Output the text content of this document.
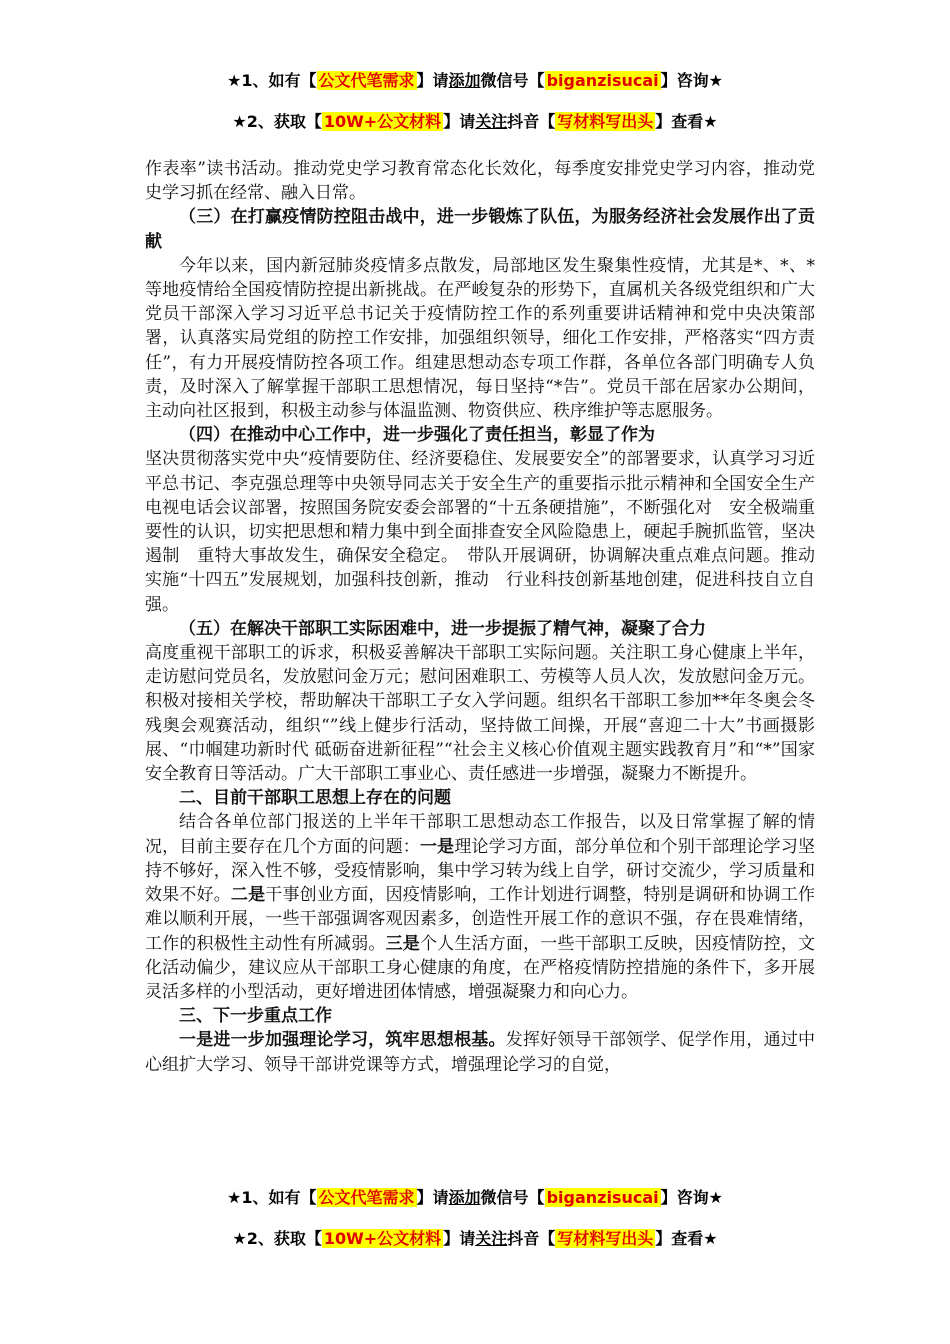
★1、如有【 公文代笔需求 】请添加微信号【 biganzisucai 】咨询★
★2、获取【 10W+公文材料 】请关注抖音【 写材料写出头 】查看★

作表率”读书活动。推动党史学习教育常态化长效化，每季度安排党史学习内容，推动党史学习抓在经常、融入日常。

（三）在打赢疫情防控阻击战中，进一步锻炼了队伍，为服务经济社会发展作出了贡献

今年以来，国内新冠肺炎疫情多点散发，局部地区发生聚集性疫情，尤其是*、*、*等地疫情给全国疫情防控提出新挑战。在严峻复杂的形势下，直属机关各级党组织和广大党员干部深入学习习近平总书记关于疫情防控工作的系列重要讲话精神和党中央决策部署，认真落实局党组的防控工作安排，加强组织领导，细化工作安排，严格落实“四方责任”，有力开展疫情防控各项工作。组建思想动态专项工作群，各单位各部门明确专人负责，及时深入了解掌握干部职工思想情况，每日坚持“*告”。党员干部在居家办公期间，主动向社区报到，积极主动参与体温监测、物资供应、秩序维护等志愿服务。

（四）在推动中心工作中，进一步强化了责任担当，彰显了作为

坚决贯彻落实党中央“疫情要防住、经济要稳住、发展要安全”的部署要求，认真学习习近平总书记、李克强总理等中央领导同志关于安全生产的重要指示批示精神和全国安全生产电视电话会议部署，按照国务院安委会部署的“十五条硬措施”，不断强化对　安全极端重要性的认识，切实把思想和精力集中到全面排查安全风险隐患上，硬起手腕抓监管，坚决遏制　重特大事故发生，确保安全稳定。　带队开展调研，协调解决重点难点问题。推动实施“十四五”发展规划，加强科技创新，推动　行业科技创新基地创建，促进科技自立自强。

（五）在解决干部职工实际困难中，进一步提振了精气神，凝聚了合力

高度重视干部职工的诉求，积极妥善解决干部职工实际问题。关注职工身心健康上半年，走访慰问党员名，发放慰问金万元；慰问困难职工、劳模等人员人次，发放慰问金万元。积极对接相关学校，帮助解决干部职工子女入学问题。组织名干部职工参加**年冬奥会冬残奥会观赛活动，组织“”线上健步行活动，坚持做工间操，开展“喜迎二十大”书画摄影展、“巾帼建功新时代 砥砺奋进新征程”“社会主义核心价值观主题实践教育月”和“*”国家安全教育日等活动。广大干部职工事业心、责任感进一步增强，凝聚力不断提升。

二、目前干部职工思想上存在的问题

结合各单位部门报送的上半年干部职工思想动态工作报告，以及日常掌握了解的情况，目前主要存在几个方面的问题：一是理论学习方面，部分单位和个别干部理论学习坚持不够好，深入性不够，受疫情影响，集中学习转为线上自学，研讨交流少，学习质量和效果不好。二是干事创业方面，因疫情影响，工作计划进行调整，特别是调研和协调工作难以顺利开展，一些干部强调客观因素多，创造性开展工作的意识不强，存在畏难情绪，工作的积极性主动性有所减弱。三是个人生活方面，一些干部职工反映，因疫情防控，文化活动偏少，建议应从干部职工身心健康的角度，在严格疫情防控措施的条件下，多开展灵活多样的小型活动，更好增进团体情感，增强凝聚力和向心力。

三、下一步重点工作

一是进一步加强理论学习，筑牢思想根基。发挥好领导干部领学、促学作用，通过中心组扩大学习、领导干部讲党课等方式，增强理论学习的自觉，

★1、如有【 公文代笔需求 】请添加微信号【 biganzisucai 】咨询★
★2、获取【 10W+公文材料 】请关注抖音【 写材料写出头 】查看★
